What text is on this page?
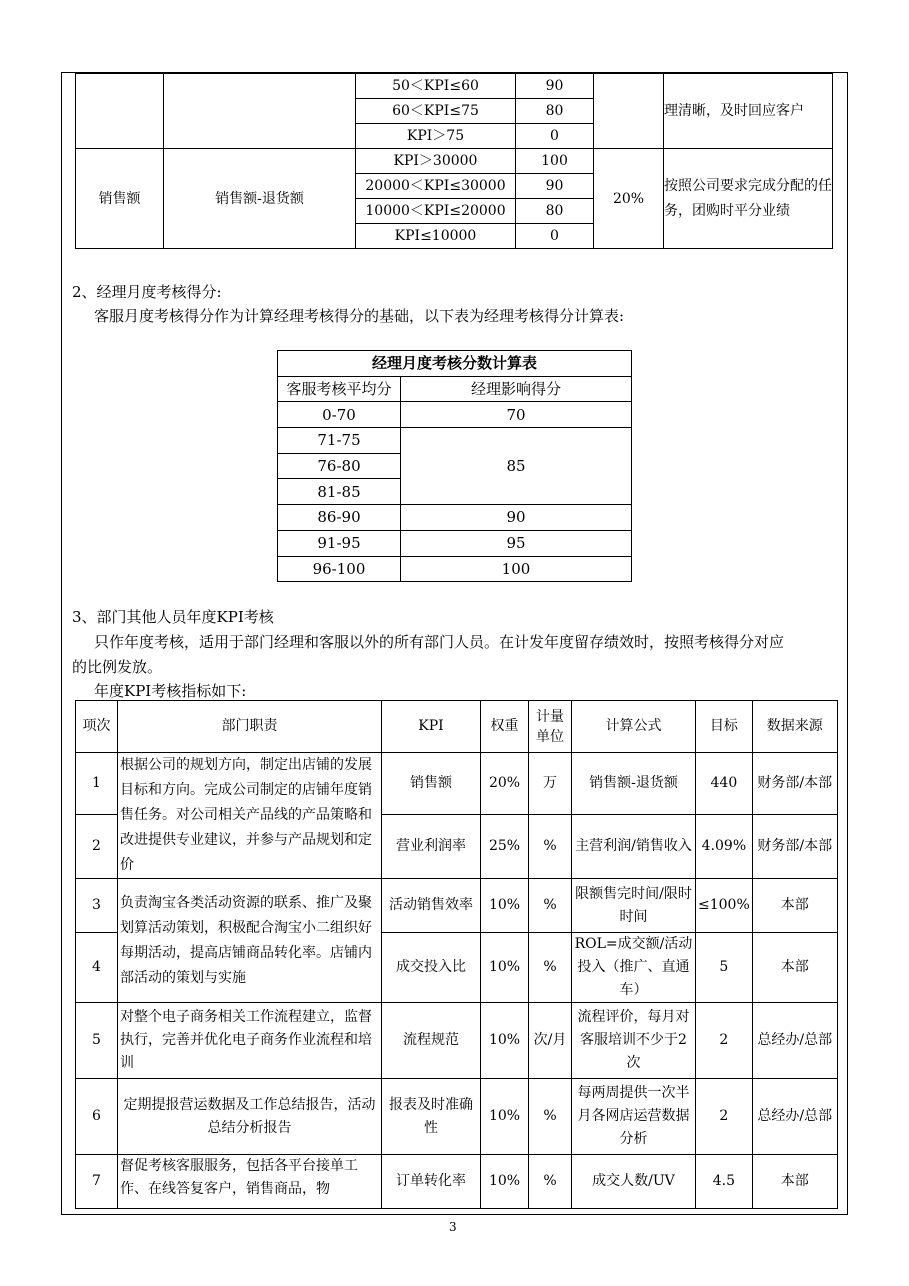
		50＜KPI≤60	90		理清晰，及时回应客户
		60＜KPI≤75	80		
		KPI＞75	0		
销售额	销售额-退货额	KPI＞30000	100	20%	按照公司要求完成分配的任务，团购时平分业绩
		20000＜KPI≤30000	90		
		10000＜KPI≤20000	80		
		KPI≤10000	0		
2、经理月度考核得分:
客服月度考核得分作为计算经理考核得分的基础，以下表为经理考核得分计算表:
经理月度考核分数计算表	
客服考核平均分	经理影响得分
0-70	70
71-75	85
76-80	
81-85	
86-90	90
91-95	95
96-100	100
3、部门其他人员年度KPI考核
只作年度考核，适用于部门经理和客服以外的所有部门人员。在计发年度留存绩效时，按照考核得分对应
的比例发放。
年度KPI考核指标如下:
项次	部门职责	KPI	权重	计量单位	计算公式	目标	数据来源
1	根据公司的规划方向，制定出店铺的发展目标和方向。完成公司制定的店铺年度销售任务。对公司相关产品线的产品策略和改进提供专业建议，并参与产品规划和定价	销售额	20%	万	销售额-退货额	440	财务部/本部
2		营业利润率	25%	%	主营利润/销售收入	4.09%	财务部/本部
3	负责淘宝各类活动资源的联系、推广及聚划算活动策划，积极配合淘宝小二组织好每期活动，提高店铺商品转化率。店铺内部活动的策划与实施	活动销售效率	10%	%	限额售完时间/限时时间	≤100%	本部
4		成交投入比	10%	%	ROL=成交额/活动投入（推广、直通车）	5	本部
5	对整个电子商务相关工作流程建立，监督执行，完善并优化电子商务作业流程和培训	流程规范	10%	次/月	流程评价，每月对客服培训不少于2次	2	总经办/总部
6	定期提报营运数据及工作总结报告，活动总结分析报告	报表及时准确性	10%	%	每两周提供一次半月各网店运营数据分析	2	总经办/总部
7	督促考核客服服务，包括各平台接单工作、在线答复客户，销售商品，物	订单转化率	10%	%	成交人数/UV	4.5	本部
3
